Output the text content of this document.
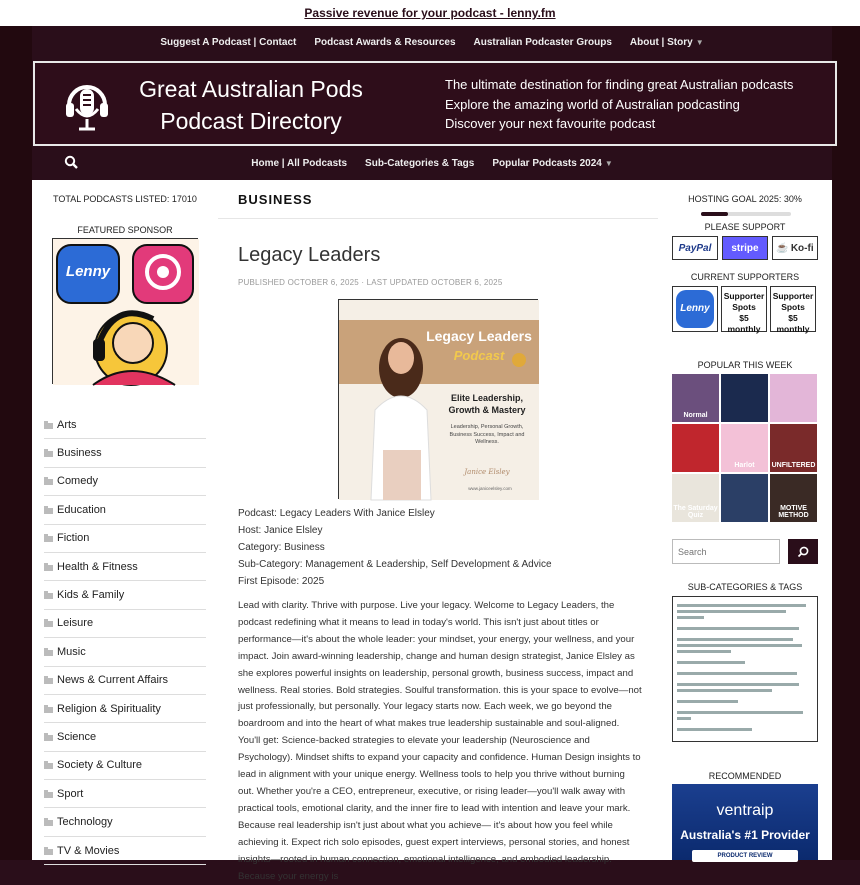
Passive revenue for your podcast - lenny.fm
Suggest A Podcast | Contact	Podcast Awards & Resources	Australian Podcaster Groups	About | Story ▼
Great Australian Pods
Podcast Directory
The ultimate destination for finding great Australian podcasts
Explore the amazing world of Australian podcasting
Discover your next favourite podcast
Home | All Podcasts	Sub-Categories & Tags	Popular Podcasts 2024 ▼
TOTAL PODCASTS LISTED: 17010
FEATURED SPONSOR
Lenny
Arts
Business
Comedy
Education
Fiction
Health & Fitness
Kids & Family
Leisure
Music
News & Current Affairs
Religion & Spirituality
Science
Society & Culture
Sport
Technology
TV & Movies
BUSINESS
Legacy Leaders
PUBLISHED OCTOBER 6, 2025 · LAST UPDATED OCTOBER 6, 2025
Legacy Leaders
Podcast
Elite Leadership, Growth & Mastery
Leadership, Personal Growth, Business Success, Impact and Wellness.
Janice Elsley
www.janiceelsley.com
Podcast: Legacy Leaders With Janice Elsley
Host: Janice Elsley
Category: Business
Sub-Category: Management & Leadership, Self Development & Advice
First Episode: 2025

Lead with clarity. Thrive with purpose. Live your legacy. Welcome to Legacy Leaders, the podcast redefining what it means to lead in today's world. This isn't just about titles or performance—it's about the whole leader: your mindset, your energy, your wellness, and your impact. Join award-winning leadership, change and human design strategist, Janice Elsley as she explores powerful insights on leadership, personal growth, business success, impact and wellness. Real stories. Bold strategies. Soulful transformation. this is your space to evolve—not just professionally, but personally. Your legacy starts now. Each week, we go beyond the boardroom and into the heart of what makes true leadership sustainable and soul-aligned. You'll get: Science-backed strategies to elevate your leadership (Neuroscience and Psychology). Mindset shifts to expand your capacity and confidence. Human Design insights to lead in alignment with your unique energy. Wellness tools to help you thrive without burning out. Whether you're a CEO, entrepreneur, executive, or rising leader—you'll walk away with practical tools, emotional clarity, and the inner fire to lead with intention and leave your mark. Because real leadership isn't just about what you achieve— it's about how you feel while achieving it. Expect rich solo episodes, guest expert interviews, personal stories, and honest insights—rooted in human connection, emotional intelligence, and embodied leadership. Because your energy is

HOSTING GOAL 2025: 30%
PLEASE SUPPORT
PayPal stripe ☕ Ko-fi
CURRENT SUPPORTERS
Lenny
Supporter
Spots
$5
monthly
Supporter
Spots
$5
monthly
POPULAR THIS WEEK
Normal
Harlot UNFILTERED
The Saturday Quiz
MOTIVE METHOD
Search
SUB-CATEGORIES & TAGS
RECOMMENDED
ventraip
Australia's #1 Provider
PRODUCT REVIEW
